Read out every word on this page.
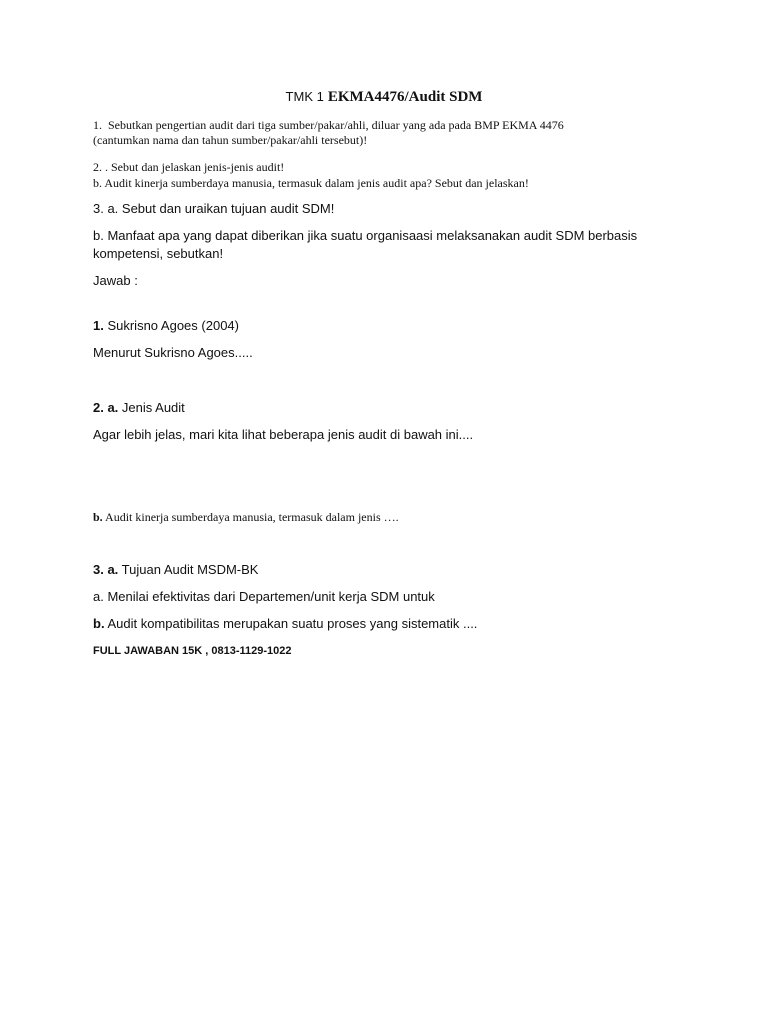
TMK 1 EKMA4476/Audit SDM
1. Sebutkan pengertian audit dari tiga sumber/pakar/ahli, diluar yang ada pada BMP EKMA 4476
(cantumkan nama dan tahun sumber/pakar/ahli tersebut)!
2. . Sebut dan jelaskan jenis-jenis audit!
b. Audit kinerja sumberdaya manusia, termasuk dalam jenis audit apa? Sebut dan jelaskan!
3. a. Sebut dan uraikan tujuan audit SDM!
b. Manfaat apa yang dapat diberikan jika suatu organisaasi melaksanakan audit SDM berbasis
kompetensi, sebutkan!
Jawab :
1. Sukrisno Agoes (2004)
Menurut Sukrisno Agoes.....
2. a. Jenis Audit
Agar lebih jelas, mari kita lihat beberapa jenis audit di bawah ini....
b. Audit kinerja sumberdaya manusia, termasuk dalam jenis ….
3. a. Tujuan Audit MSDM-BK
a. Menilai efektivitas dari Departemen/unit kerja SDM untuk
b. Audit kompatibilitas merupakan suatu proses yang sistematik ....
FULL JAWABAN 15K , 0813-1129-1022
